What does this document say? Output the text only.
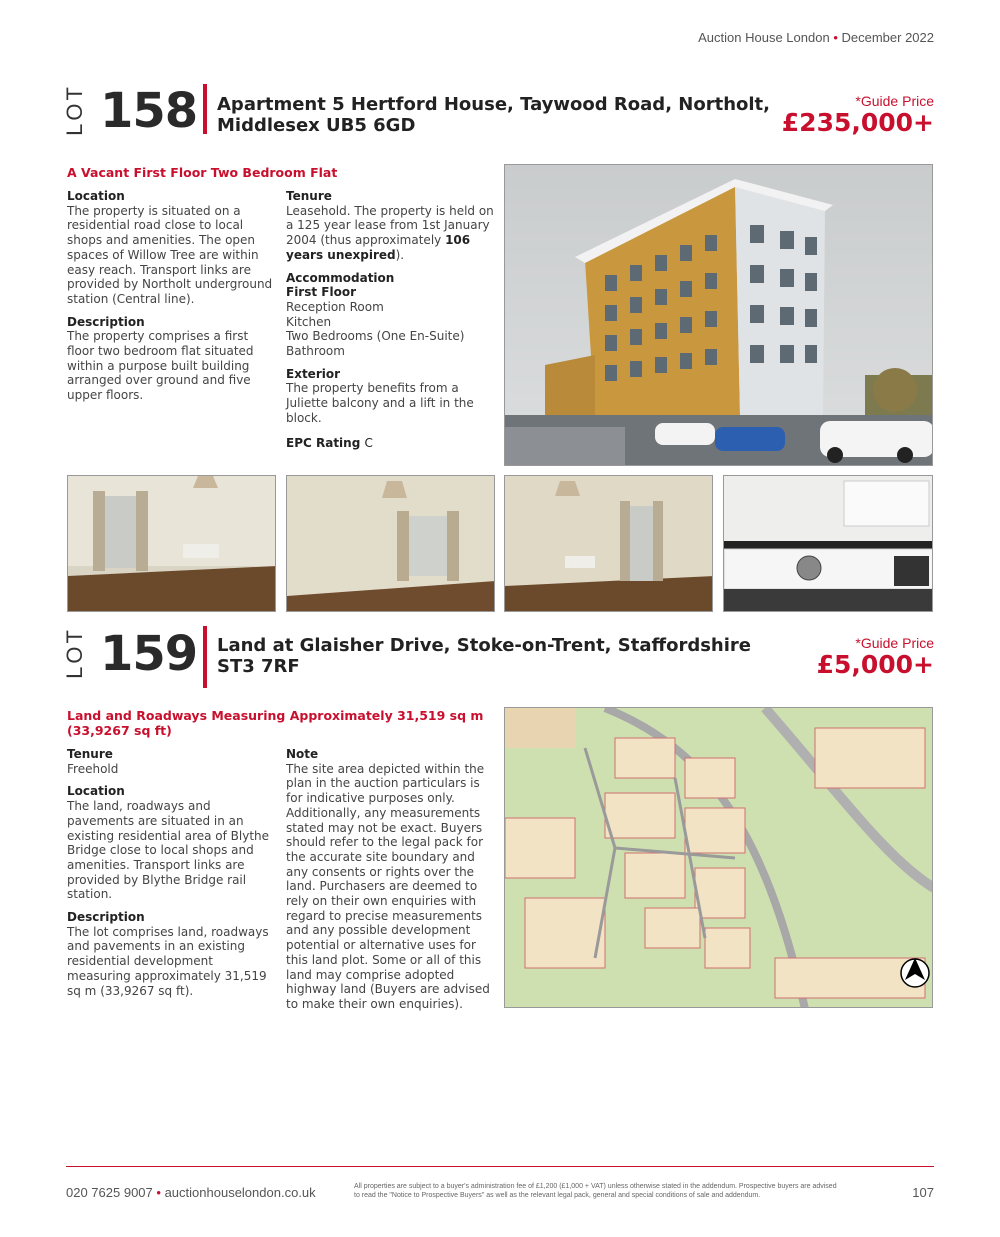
Auction House London • December 2022
LOT 158 Apartment 5 Hertford House, Taywood Road, Northolt,
Middlesex UB5 6GD
*Guide Price
£235,000+
A Vacant First Floor Two Bedroom Flat
Location
The property is situated on a residential road close to local shops and amenities. The open spaces of Willow Tree are within easy reach. Transport links are provided by Northolt underground station (Central line).
Description
The property comprises a first floor two bedroom flat situated within a purpose built building arranged over ground and five upper floors.
Tenure
Leasehold. The property is held on a 125 year lease from 1st January 2004 (thus approximately 106 years unexpired).
Accommodation
First Floor
Reception Room
Kitchen
Two Bedrooms (One En-Suite)
Bathroom
Exterior
The property benefits from a Juliette balcony and a lift in the block.
EPC Rating C
LOT 159 Land at Glaisher Drive, Stoke-on-Trent, Staffordshire
ST3 7RF
*Guide Price
£5,000+
Land and Roadways Measuring Approximately 31,519 sq m
(33,9267 sq ft)
Tenure
Freehold
Location
The land, roadways and pavements are situated in an existing residential area of Blythe Bridge close to local shops and amenities. Transport links are provided by Blythe Bridge rail station.
Description
The lot comprises land, roadways and pavements in an existing residential development measuring approximately 31,519 sq m (33,9267 sq ft).
Note
The site area depicted within the plan in the auction particulars is for indicative purposes only. Additionally, any measurements stated may not be exact. Buyers should refer to the legal pack for the accurate site boundary and any consents or rights over the land. Purchasers are deemed to rely on their own enquiries with regard to precise measurements and any possible development potential or alternative uses for this land plot. Some or all of this land may comprise adopted highway land (Buyers are advised to make their own enquiries).
020 7625 9007 • auctionhouselondon.co.uk	All properties are subject to a buyer's administration fee of £1,200 (£1,000 + VAT) unless otherwise stated in the addendum. Prospective buyers are advised to read the "Notice to Prospective Buyers" as well as the relevant legal pack, general and special conditions of sale and addendum.	107
